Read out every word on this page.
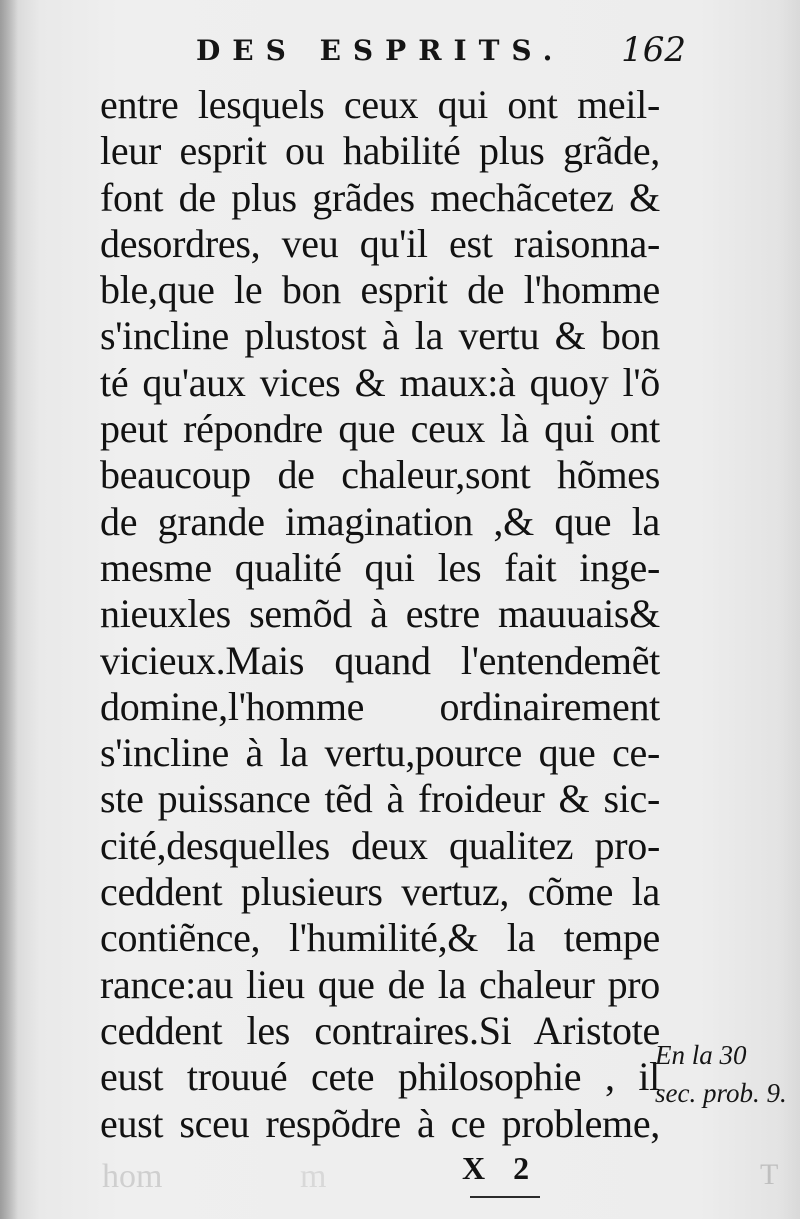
DES ESPRITS. 162
entre lesquels ceux qui ont meil-
leur esprit ou habilité plus grãde,
font de plus grãdes mechãcetez &
desordres, veu qu'il est raisonna-
ble,que le bon esprit de l'homme
s'incline plustost à la vertu & bon
té qu'aux vices & maux:à quoy l'õ
peut répondre que ceux là qui ont
beaucoup de chaleur,sont hõmes
de grande imagination ,& que la
mesme qualité qui les fait inge-
nieuxles semõd à estre mauuais&
vicieux.Mais quand l'entendemẽt
domine,l'homme ordinairement
s'incline à la vertu,pource que ce-
ste puissance tẽd à froideur & sic-
cité,desquelles deux qualitez pro-
ceddent plusieurs vertuz, cõme la
contiẽnce, l'humilité,& la tempe
rance:au lieu que de la chaleur pro
ceddent les contraires.Si Aristote
eust trouué cete philosophie , il
eust sceu respõdre à ce probleme,
En la 30
sec. prob. 9.
hom	m	T
X 2
